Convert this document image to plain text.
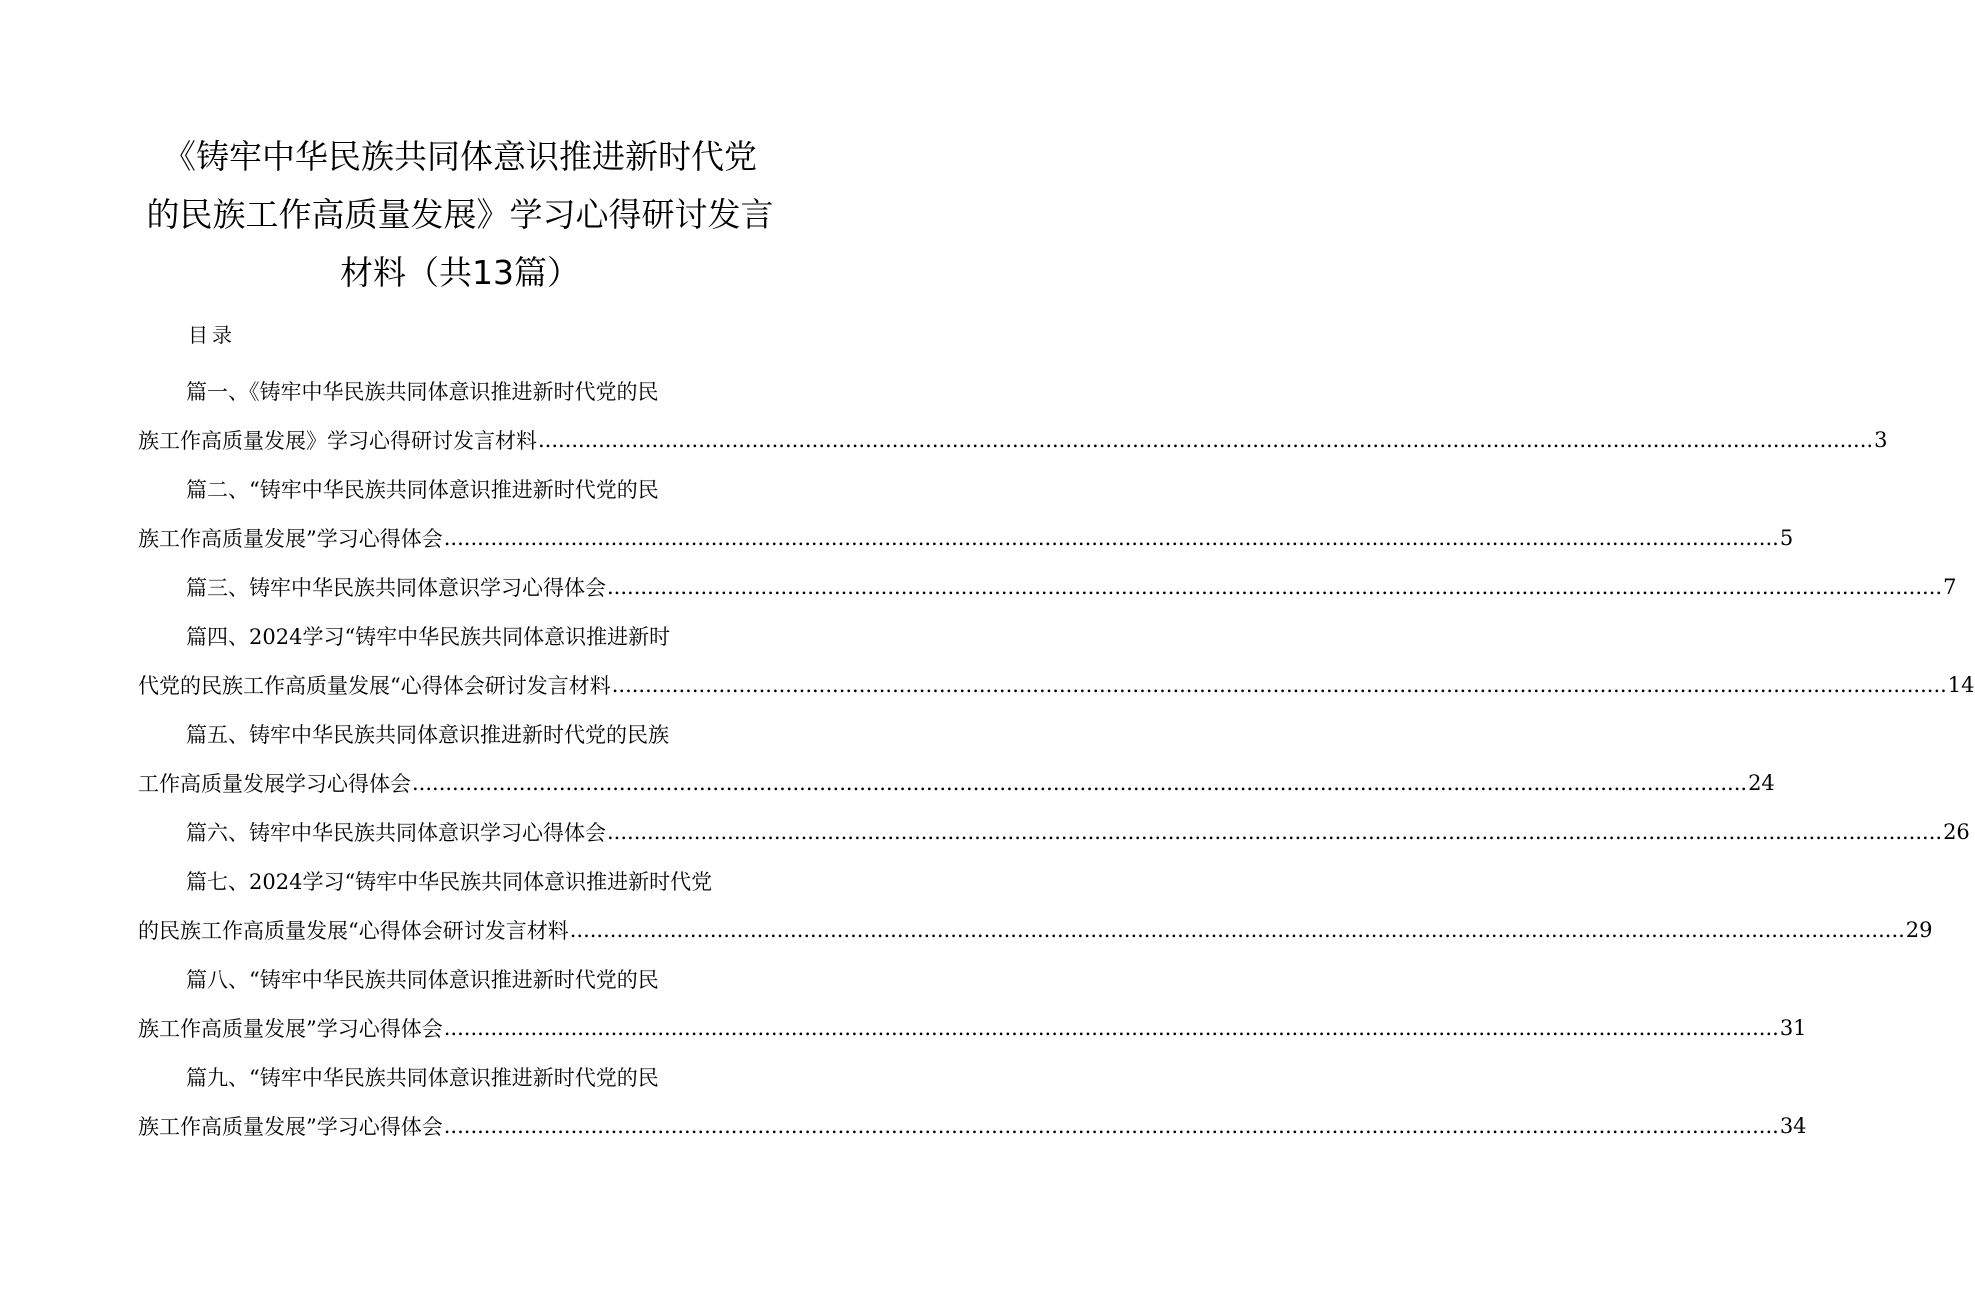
《铸牢中华民族共同体意识推进新时代党
的民族工作高质量发展》学习心得研讨发言
材料（共13篇）
目录
篇一、《铸牢中华民族共同体意识推进新时代党的民
族工作高质量发展》学习心得研讨发言材料 ........................................................................................................................................................................................................ 3
篇二、“铸牢中华民族共同体意识推进新时代党的民
族工作高质量发展”学习心得体会 ........................................................................................................................................................................................................ 5
篇三、铸牢中华民族共同体意识学习心得体会 ........................................................................................................................................................................................................ 7
篇四、2024学习“铸牢中华民族共同体意识推进新时
代党的民族工作高质量发展“心得体会研讨发言材料 ........................................................................................................................................................................................................ 14
篇五、铸牢中华民族共同体意识推进新时代党的民族
工作高质量发展学习心得体会 ........................................................................................................................................................................................................ 24
篇六、铸牢中华民族共同体意识学习心得体会 ........................................................................................................................................................................................................ 26
篇七、2024学习“铸牢中华民族共同体意识推进新时代党
的民族工作高质量发展“心得体会研讨发言材料 ........................................................................................................................................................................................................ 29
篇八、“铸牢中华民族共同体意识推进新时代党的民
族工作高质量发展”学习心得体会 ........................................................................................................................................................................................................ 31
篇九、“铸牢中华民族共同体意识推进新时代党的民
族工作高质量发展”学习心得体会 ........................................................................................................................................................................................................ 34
